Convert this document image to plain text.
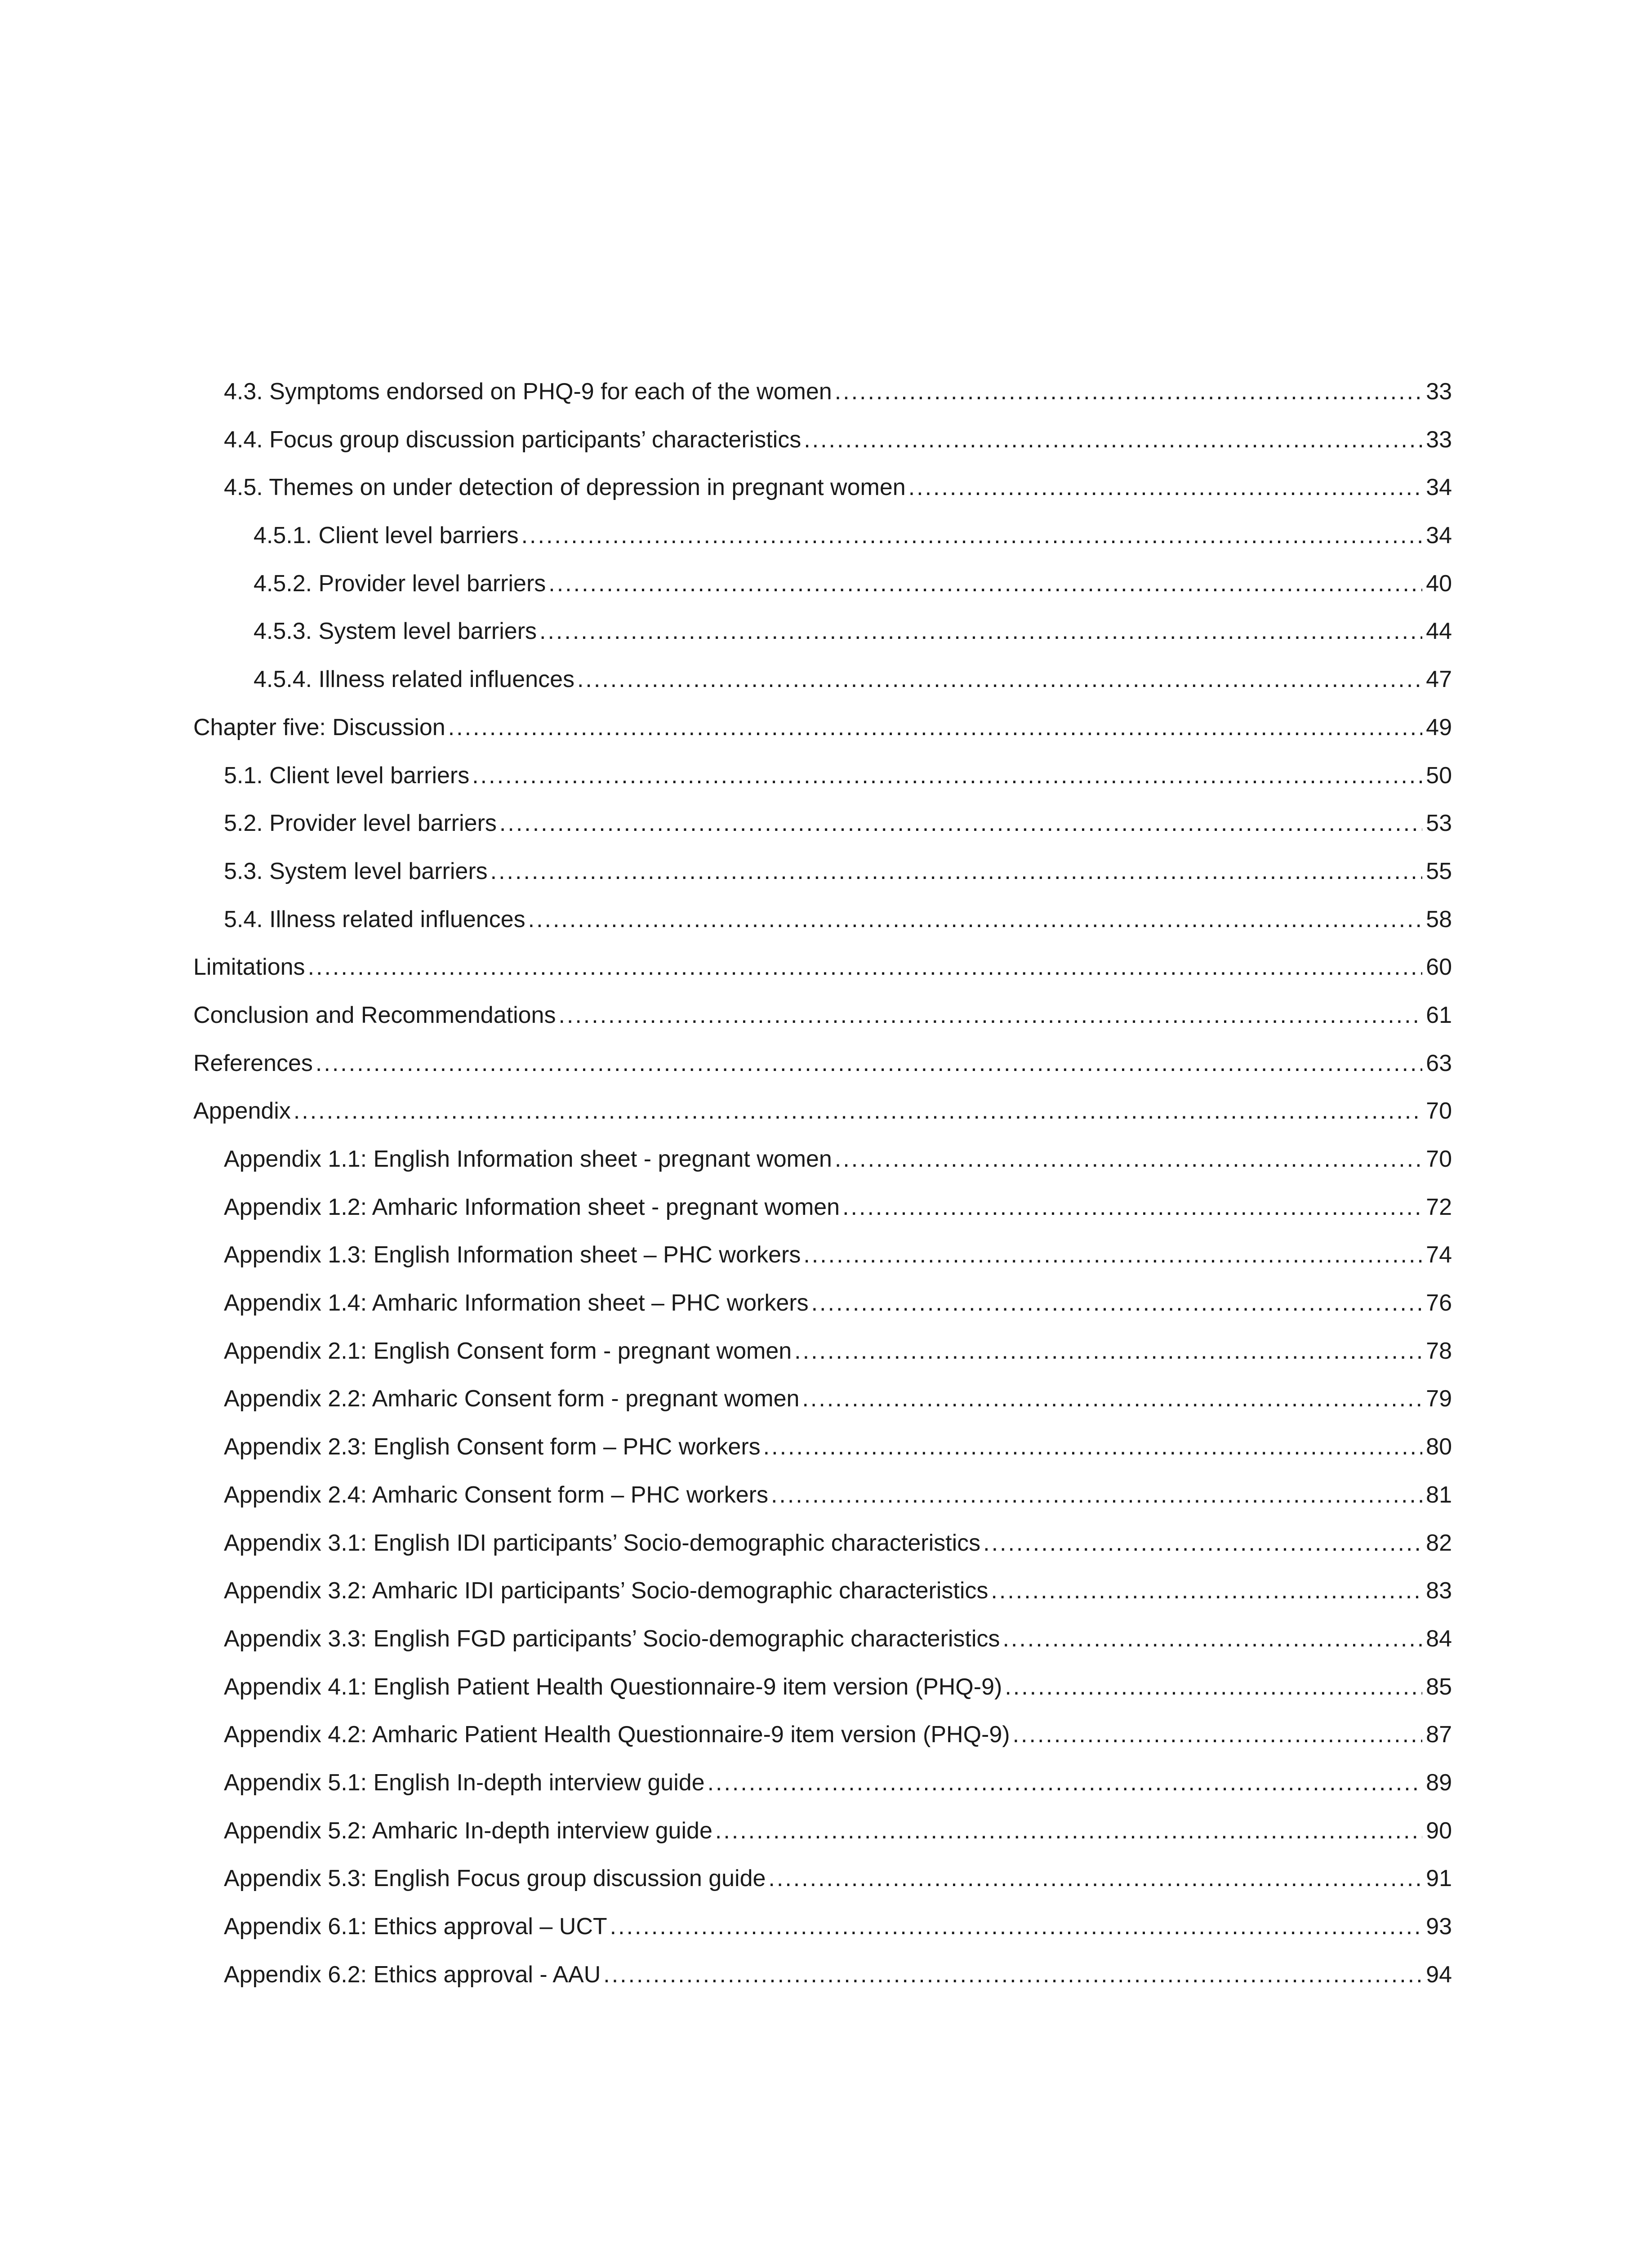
4.3. Symptoms endorsed on PHQ-9 for each of the women .....	33
4.4. Focus group discussion participants’ characteristics .....	33
4.5. Themes on under detection of depression in pregnant women .....	34
4.5.1. Client level barriers .....	34
4.5.2. Provider level barriers .....	40
4.5.3. System level barriers .....	44
4.5.4. Illness related influences .....	47
Chapter five: Discussion .....	49
5.1. Client level barriers .....	50
5.2. Provider level barriers .....	53
5.3. System level barriers .....	55
5.4. Illness related influences .....	58
Limitations .....	60
Conclusion and Recommendations .....	61
References .....	63
Appendix .....	70
Appendix 1.1: English Information sheet - pregnant women .....	70
Appendix 1.2: Amharic Information sheet - pregnant women .....	72
Appendix 1.3: English Information sheet – PHC workers .....	74
Appendix 1.4: Amharic Information sheet – PHC workers .....	76
Appendix 2.1: English Consent form - pregnant women .....	78
Appendix 2.2: Amharic Consent form - pregnant women .....	79
Appendix 2.3: English Consent form – PHC workers .....	80
Appendix 2.4: Amharic Consent form – PHC workers .....	81
Appendix 3.1: English IDI participants’ Socio-demographic characteristics .....	82
Appendix 3.2: Amharic IDI participants’ Socio-demographic characteristics .....	83
Appendix 3.3: English FGD participants’ Socio-demographic characteristics .....	84
Appendix 4.1: English Patient Health Questionnaire-9 item version (PHQ-9) .....	85
Appendix 4.2: Amharic Patient Health Questionnaire-9 item version (PHQ-9) .....	87
Appendix 5.1: English In-depth interview guide .....	89
Appendix 5.2: Amharic In-depth interview guide .....	90
Appendix 5.3: English Focus group discussion guide .....	91
Appendix 6.1: Ethics approval – UCT .....	93
Appendix 6.2: Ethics approval - AAU .....	94
